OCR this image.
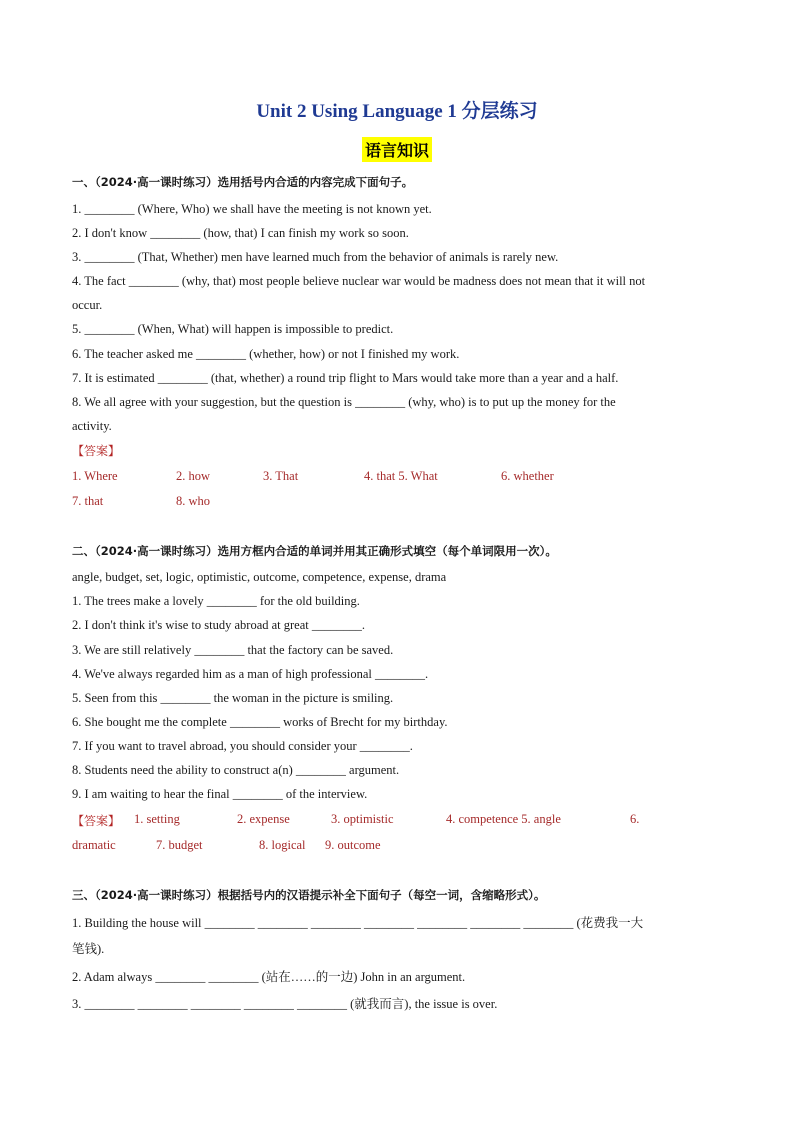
Unit 2 Using Language 1 分层练习
语言知识
一、（2024·高一课时练习）选用括号内合适的内容完成下面句子。
1. ________ (Where, Who) we shall have the meeting is not known yet.
2. I don't know ________ (how, that) I can finish my work so soon.
3. ________ (That, Whether) men have learned much from the behavior of animals is rarely new.
4. The fact ________ (why, that) most people believe nuclear war would be madness does not mean that it will not
occur.
5. ________ (When, What) will happen is impossible to predict.
6. The teacher asked me ________ (whether, how) or not I finished my work.
7. It is estimated ________ (that, whether) a round trip flight to Mars would take more than a year and a half.
8. We all agree with your suggestion, but the question is ________ (why, who) is to put up the money for the
activity.
【答案】
1. Where	2. how	3. That	4. that 5. What	6. whether
7. that	8. who
二、（2024·高一课时练习）选用方框内合适的单词并用其正确形式填空（每个单词限用一次）。
angle, budget, set, logic, optimistic, outcome, competence, expense, drama
1. The trees make a lovely ________ for the old building.
2. I don't think it's wise to study abroad at great ________.
3. We are still relatively ________ that the factory can be saved.
4. We've always regarded him as a man of high professional ________.
5. Seen from this ________ the woman in the picture is smiling.
6. She bought me the complete ________ works of Brecht for my birthday.
7. If you want to travel abroad, you should consider your ________.
8. Students need the ability to construct a(n) ________ argument.
9. I am waiting to hear the final ________ of the interview.
【答案】 1. setting	2. expense	3. optimistic	4. competence 5. angle	6.
dramatic	7. budget	8. logical 9. outcome
三、（2024·高一课时练习）根据括号内的汉语提示补全下面句子（每空一词，含缩略形式）。
1. Building the house will ________ ________ ________ ________ ________ ________ ________ (花费我一大
笔钱).
2. Adam always ________ ________ (站在……的一边) John in an argument.
3. ________ ________ ________ ________ ________ (就我而言), the issue is over.
